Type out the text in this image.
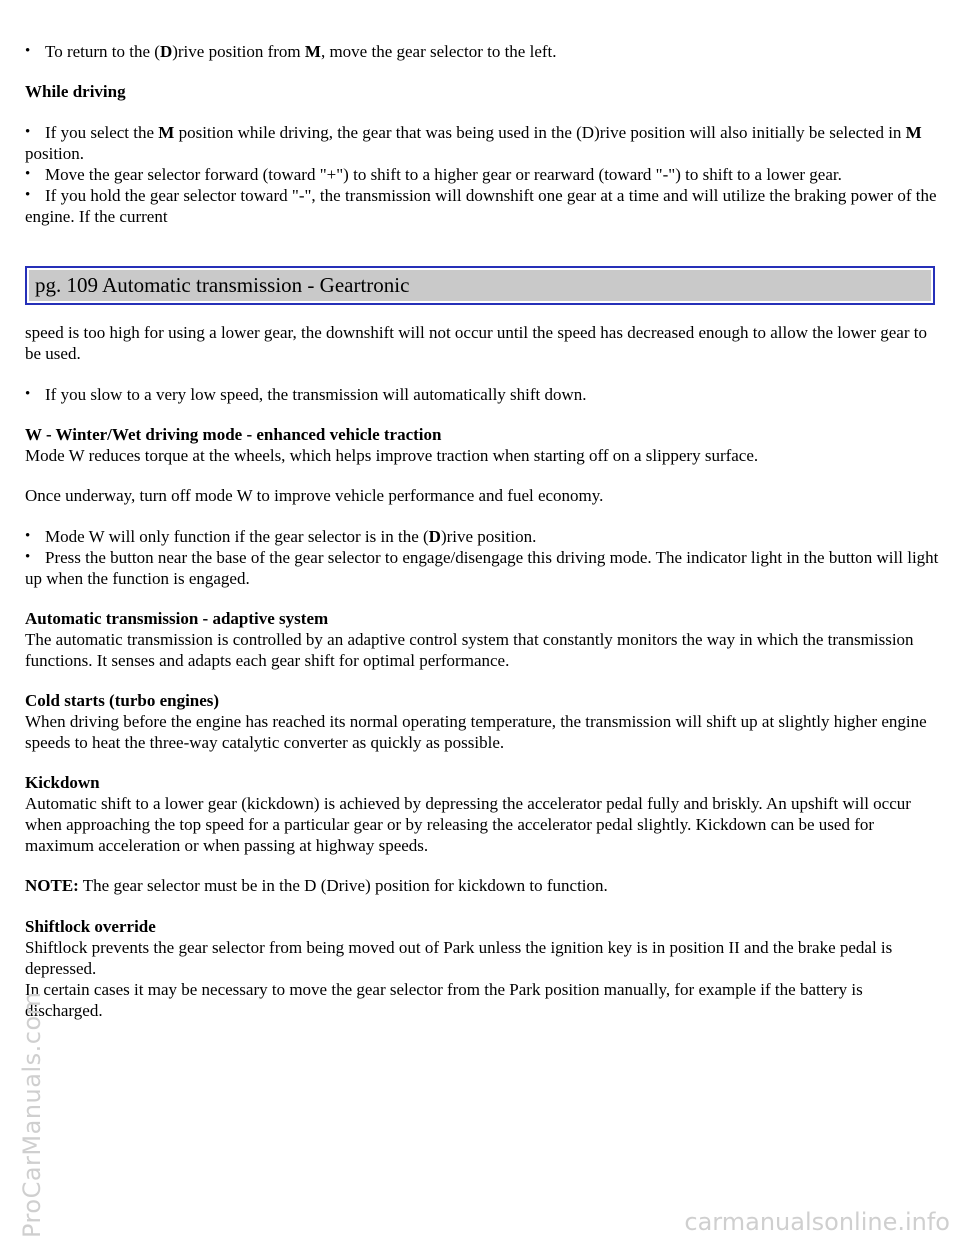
• To return to the (D)rive position from M, move the gear selector to the left.

While driving

• If you select the M position while driving, the gear that was being used in the (D)rive position will also initially be selected in M position.

• Move the gear selector forward (toward "+") to shift to a higher gear or rearward (toward "-") to shift to a lower gear.

• If you hold the gear selector toward "-", the transmission will downshift one gear at a time and will utilize the braking power of the engine. If the current

pg. 109 Automatic transmission - Geartronic

speed is too high for using a lower gear, the downshift will not occur until the speed has decreased enough to allow the lower gear to be used.

• If you slow to a very low speed, the transmission will automatically shift down.

W - Winter/Wet driving mode - enhanced vehicle traction

Mode W reduces torque at the wheels, which helps improve traction when starting off on a slippery surface.

Once underway, turn off mode W to improve vehicle performance and fuel economy.

• Mode W will only function if the gear selector is in the (D)rive position.

• Press the button near the base of the gear selector to engage/disengage this driving mode. The indicator light in the button will light up when the function is engaged.

Automatic transmission - adaptive system

The automatic transmission is controlled by an adaptive control system that constantly monitors the way in which the transmission functions. It senses and adapts each gear shift for optimal performance.

Cold starts (turbo engines)

When driving before the engine has reached its normal operating temperature, the transmission will shift up at slightly higher engine speeds to heat the three-way catalytic converter as quickly as possible.

Kickdown

Automatic shift to a lower gear (kickdown) is achieved by depressing the accelerator pedal fully and briskly. An upshift will occur when approaching the top speed for a particular gear or by releasing the accelerator pedal slightly. Kickdown can be used for maximum acceleration or when passing at highway speeds.

NOTE: The gear selector must be in the D (Drive) position for kickdown to function.

Shiftlock override

Shiftlock prevents the gear selector from being moved out of Park unless the ignition key is in position II and the brake pedal is depressed.

In certain cases it may be necessary to move the gear selector from the Park position manually, for example if the battery is discharged.

ProCarManuals.com	carmanualsonline.info
